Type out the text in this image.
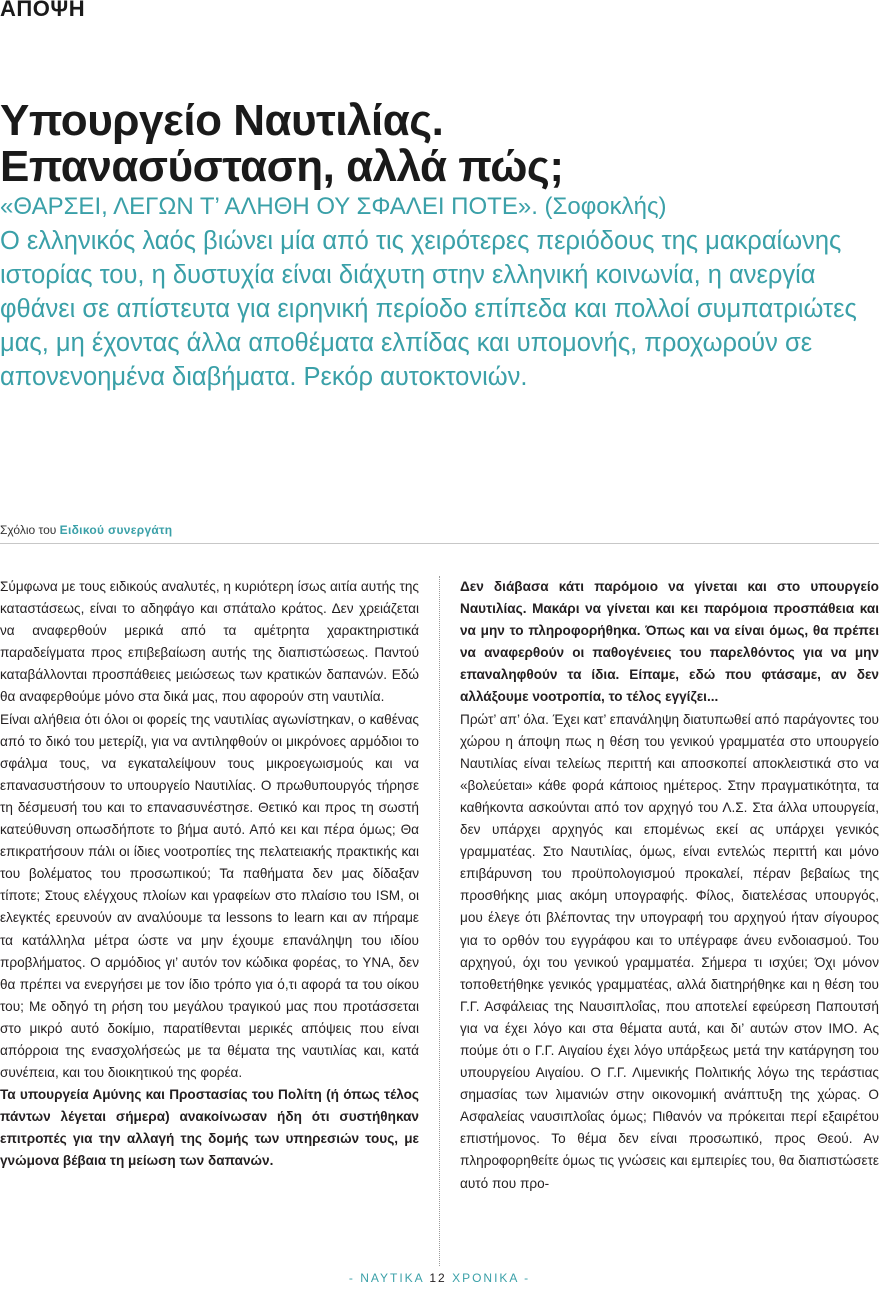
ΑΠΟΨΗ
Υπουργείο Ναυτιλίας.
Επανασύσταση, αλλά πώς;
«ΘΑΡΣΕΙ, ΛΕΓΩΝ Τ’ ΑΛΗΘΗ ΟΥ ΣΦΑΛΕΙ ΠΟΤΕ». (Σοφοκλής)
Ο ελληνικός λαός βιώνει μία από τις χειρότερες περιόδους της μακραίωνης ιστορίας του, η δυστυχία είναι διάχυτη στην ελληνική κοινωνία, η ανεργία φθάνει σε απίστευτα για ειρηνική περίοδο επίπεδα και πολλοί συμπατριώτες μας, μη έχοντας άλλα αποθέματα ελπίδας και υπομονής, προχωρούν σε απονενοημένα διαβήματα. Ρεκόρ αυτοκτονιών.
Σχόλιο του Ειδικού συνεργάτη

Σύμφωνα με τους ειδικούς αναλυτές, η κυριότερη ίσως αιτία αυτής της καταστάσεως, είναι το αδηφάγο και σπάταλο κράτος. Δεν χρειάζεται να αναφερθούν μερικά από τα αμέτρητα χαρακτηριστικά παραδείγματα προς επιβεβαίωση αυτής της διαπιστώσεως. Παντού καταβάλλονται προσπάθειες μειώσεως των κρατικών δαπανών. Εδώ θα αναφερθούμε μόνο στα δικά μας, που αφορούν στη ναυτιλία.

Είναι αλήθεια ότι όλοι οι φορείς της ναυτιλίας αγωνίστηκαν, ο καθένας από το δικό του μετερίζι, για να αντιληφθούν οι μικρόνοες αρμόδιοι το σφάλμα τους, να εγκαταλείψουν τους μικροεγωισμούς και να επανασυστήσουν το υπουργείο Ναυτιλίας. Ο πρωθυπουργός τήρησε τη δέσμευσή του και το επανασυνέστησε. Θετικό και προς τη σωστή κατεύθυνση οπωσδήποτε το βήμα αυτό. Από κει και πέρα όμως; Θα επικρατήσουν πάλι οι ίδιες νοοτροπίες της πελατειακής πρακτικής και του βολέματος του προσωπικού; Τα παθήματα δεν μας δίδαξαν τίποτε; Στους ελέγχους πλοίων και γραφείων στο πλαίσιο του ISM, οι ελεγκτές ερευνούν αν αναλύουμε τα lessons to learn και αν πήραμε τα κατάλληλα μέτρα ώστε να μην έχουμε επανάληψη του ιδίου προβλήματος. Ο αρμόδιος γι’ αυτόν τον κώδικα φορέας, το ΥΝΑ, δεν θα πρέπει να ενεργήσει με τον ίδιο τρόπο για ό,τι αφορά τα του οίκου του; Με οδηγό τη ρήση του μεγάλου τραγικού μας που προτάσσεται στο μικρό αυτό δοκίμιο, παρατίθενται μερικές απόψεις που είναι απόρροια της ενασχολήσεώς με τα θέματα της ναυτιλίας και, κατά συνέπεια, και του διοικητικού της φορέα.

Τα υπουργεία Αμύνης και Προστασίας του Πολίτη (ή όπως τέλος πάντων λέγεται σήμερα) ανακοίνωσαν ήδη ότι συστήθηκαν επιτροπές για την αλλαγή της δομής των υπηρεσιών τους, με γνώμονα βέβαια τη μείωση των δαπανών.

Δεν διάβασα κάτι παρόμοιο να γίνεται και στο υπουργείο Ναυτιλίας. Μακάρι να γίνεται και κει παρόμοια προσπάθεια και να μην το πληροφορήθηκα. Όπως και να είναι όμως, θα πρέπει να αναφερθούν οι παθογένειες του παρελθόντος για να μην επαναληφθούν τα ίδια. Είπαμε, εδώ που φτάσαμε, αν δεν αλλάξουμε νοοτροπία, το τέλος εγγίζει...

Πρώτ’ απ’ όλα. Έχει κατ’ επανάληψη διατυπωθεί από παράγοντες του χώρου η άποψη πως η θέση του γενικού γραμματέα στο υπουργείο Ναυτιλίας είναι τελείως περιττή και αποσκοπεί αποκλειστικά στο να «βολεύεται» κάθε φορά κάποιος ημέτερος. Στην πραγματικότητα, τα καθήκοντα ασκούνται από τον αρχηγό του Λ.Σ. Στα άλλα υπουργεία, δεν υπάρχει αρχηγός και επομένως εκεί ας υπάρχει γενικός γραμματέας. Στο Ναυτιλίας, όμως, είναι εντελώς περιττή και μόνο επιβάρυνση του προϋπολογισμού προκαλεί, πέραν βεβαίως της προσθήκης μιας ακόμη υπογραφής. Φίλος, διατελέσας υπουργός, μου έλεγε ότι βλέποντας την υπογραφή του αρχηγού ήταν σίγουρος για το ορθόν του εγγράφου και το υπέγραφε άνευ ενδοιασμού. Του αρχηγού, όχι του γενικού γραμματέα. Σήμερα τι ισχύει; Όχι μόνον τοποθετήθηκε γενικός γραμματέας, αλλά διατηρήθηκε και η θέση του Γ.Γ. Ασφάλειας της Ναυσιπλοΐας, που αποτελεί εφεύρεση Παπουτσή για να έχει λόγο και στα θέματα αυτά, και δι’ αυτών στον ΙΜΟ. Ας πούμε ότι ο Γ.Γ. Αιγαίου έχει λόγο υπάρξεως μετά την κατάργηση του υπουργείου Αιγαίου. Ο Γ.Γ. Λιμενικής Πολιτικής λόγω της τεράστιας σημασίας των λιμανιών στην οικονομική ανάπτυξη της χώρας. Ο Ασφαλείας ναυσιπλοΐας όμως; Πιθανόν να πρόκειται περί εξαιρέτου επιστήμονος. Το θέμα δεν είναι προσωπικό, προς Θεού. Αν πληροφορηθείτε όμως τις γνώσεις και εμπειρίες του, θα διαπιστώσετε αυτό που προ-

- ΝΑΥΤΙΚΑ 12 ΧΡΟΝΙΚΑ -
